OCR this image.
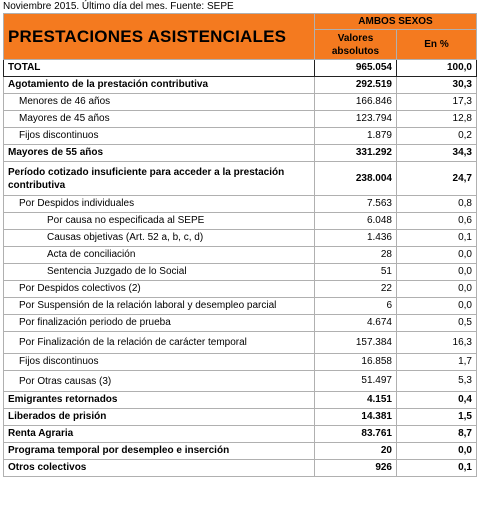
Noviembre 2015. Último día del mes. Fuente: SEPE
PRESTACIONES ASISTENCIALES	AMBOS SEXOS	
	Valores absolutos	En %
TOTAL	965.054	100,0
Agotamiento de la prestación contributiva	292.519	30,3
Menores de 46 años	166.846	17,3
Mayores de 45 años	123.794	12,8
Fijos discontinuos	1.879	0,2
Mayores de 55 años	331.292	34,3
Período cotizado insuficiente para acceder a la prestación contributiva	238.004	24,7
Por Despidos individuales	7.563	0,8
Por causa no especificada al SEPE	6.048	0,6
Causas objetivas (Art. 52 a, b, c, d)	1.436	0,1
Acta de conciliación	28	0,0
Sentencia Juzgado de lo Social	51	0,0
Por Despidos colectivos (2)	22	0,0
Por Suspensión de la relación laboral y desempleo parcial	6	0,0
Por finalización periodo de prueba	4.674	0,5
Por Finalización de la relación de carácter temporal	157.384	16,3
Fijos discontinuos	16.858	1,7
Por Otras causas (3)	51.497	5,3
Emigrantes retornados	4.151	0,4
Liberados de prisión	14.381	1,5
Renta Agraria	83.761	8,7
Programa temporal por desempleo e inserción	20	0,0
Otros colectivos	926	0,1
